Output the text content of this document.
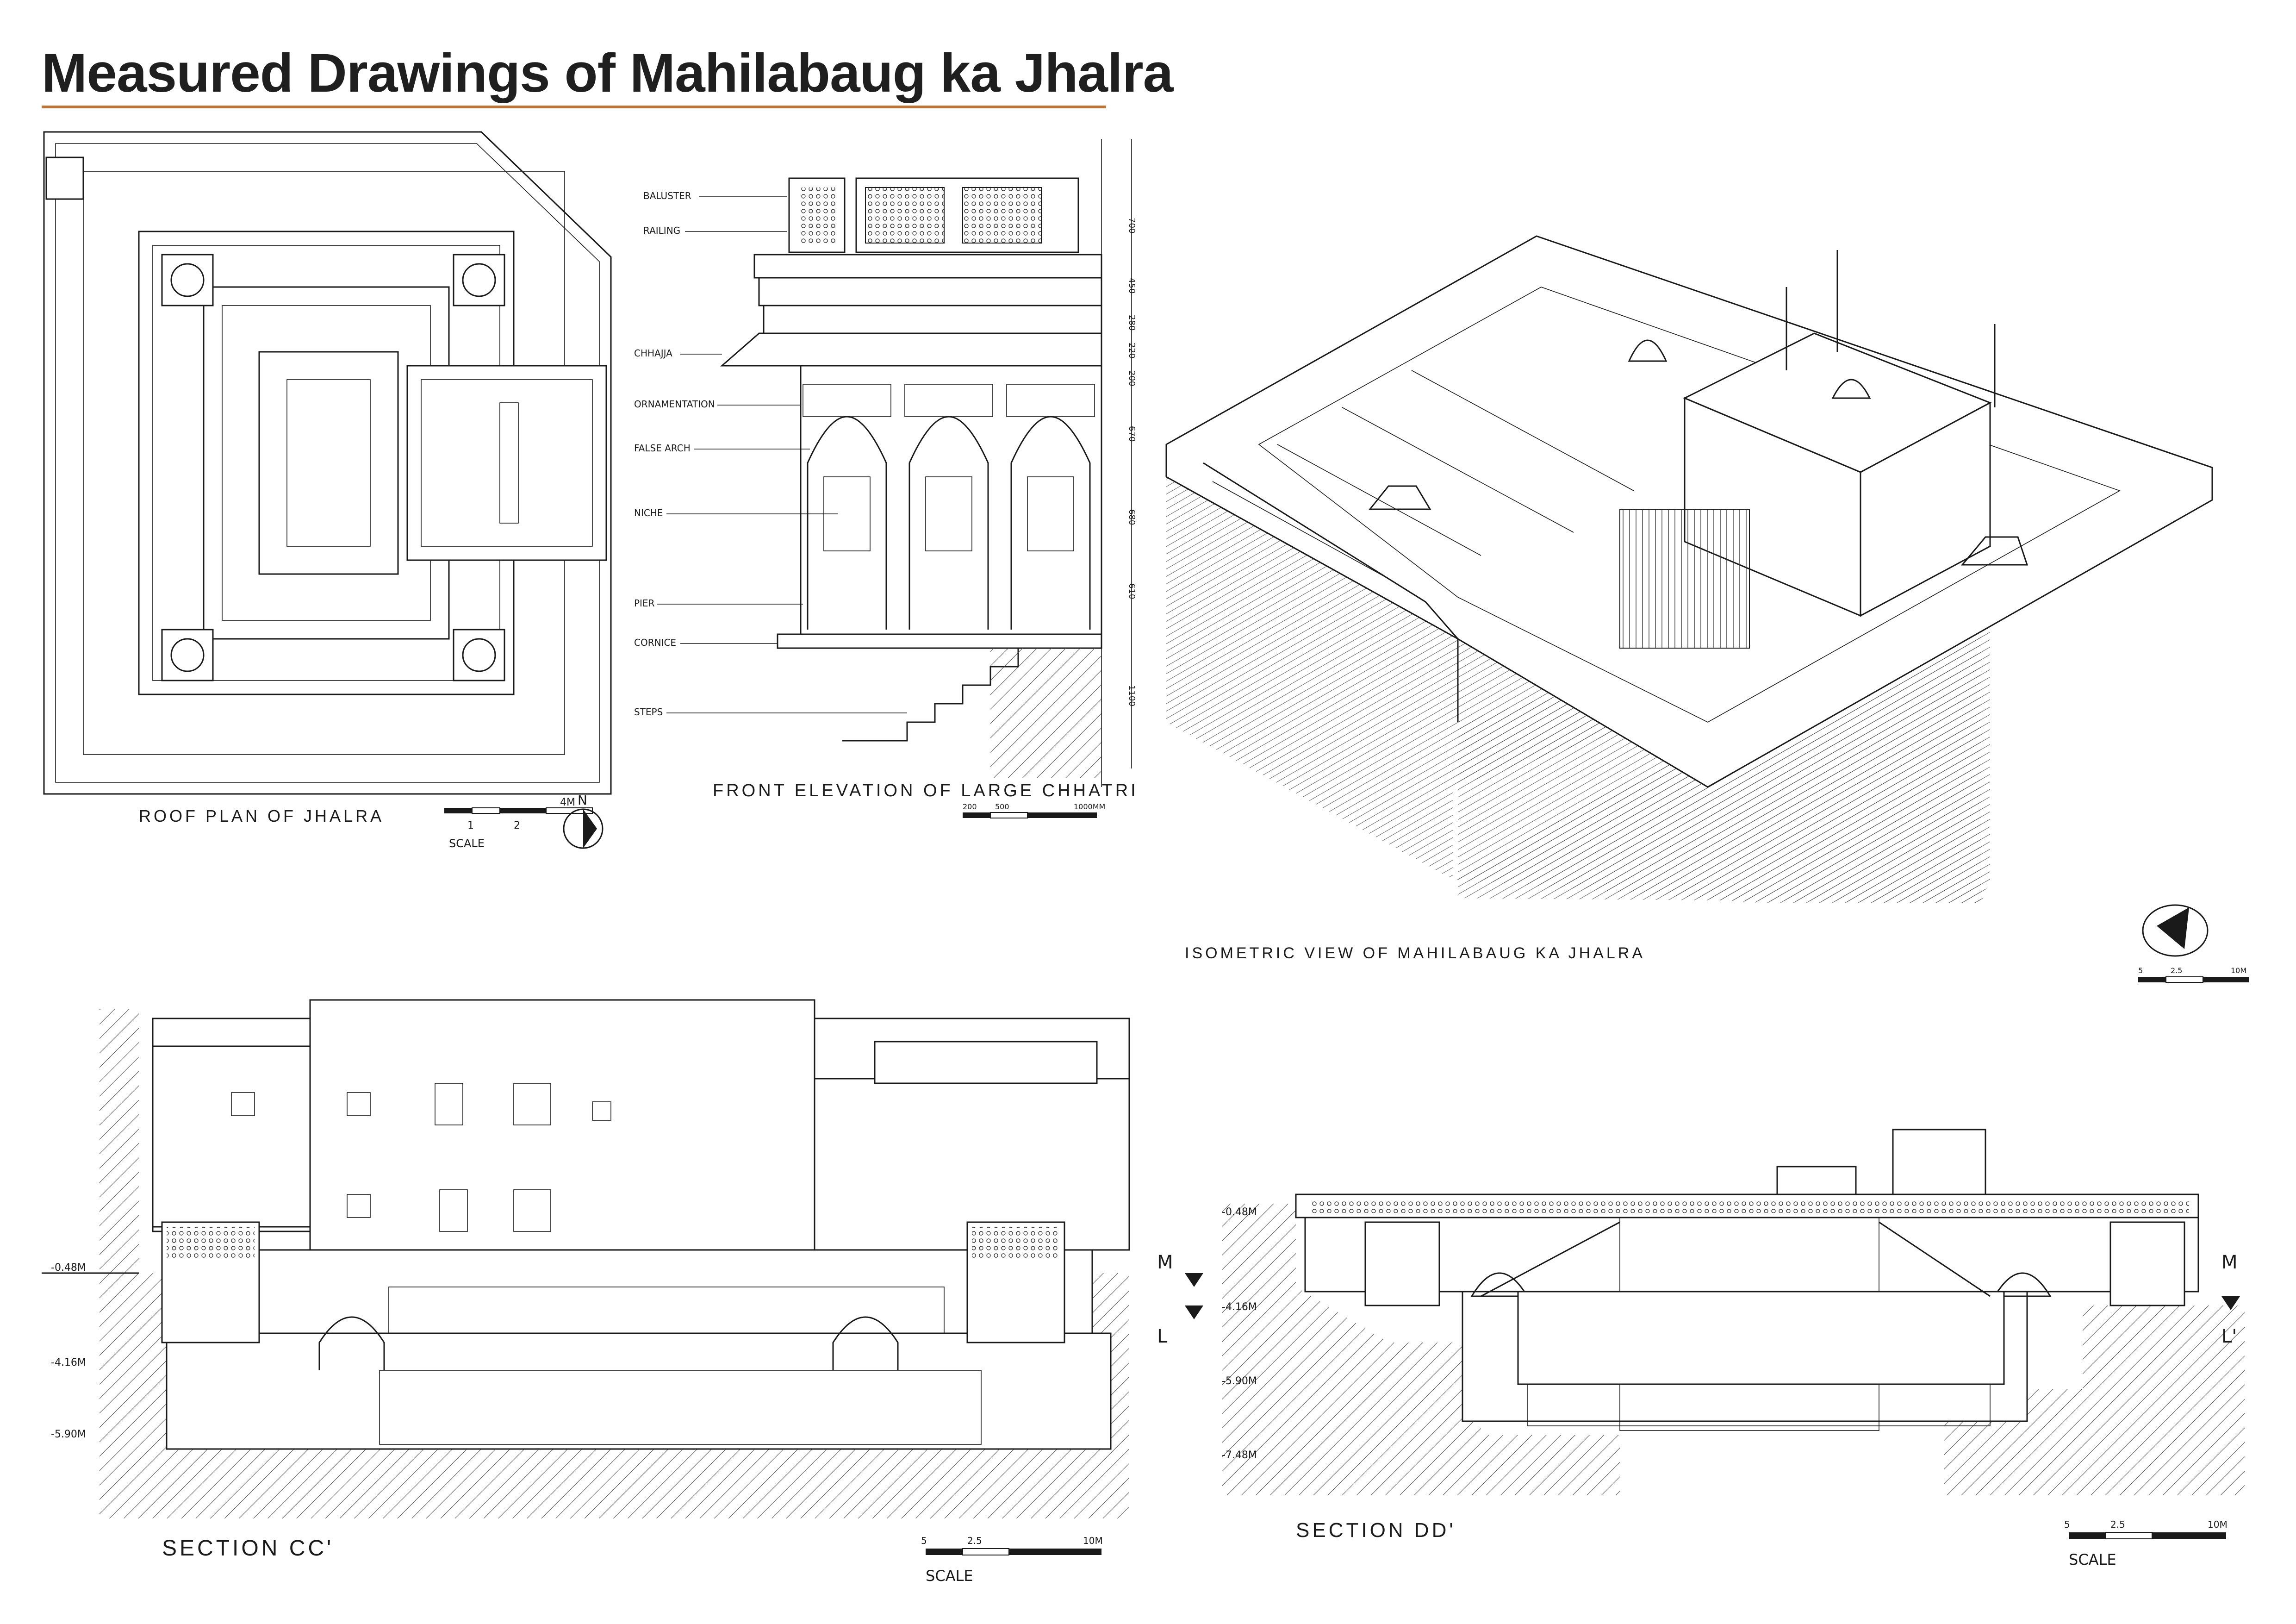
Measured Drawings of Mahilabaug ka Jhalra
ROOF PLAN OF JHALRA
1	2
4M
SCALE
N
BALUSTER
RAILING
CHHAJJA
ORNAMENTATION
FALSE ARCH
NICHE
PIER
CORNICE
STEPS
700
450
280
220
200
670
680
610
1100
FRONT ELEVATION OF LARGE CHHATRI
200 500	1000MM
ISOMETRIC VIEW OF MAHILABAUG KA JHALRA
5	2.5	10M
-0.48M
-4.16M
-5.90M
SECTION CC'	5	2.5	10M
SCALE
-0.48M
-4.16M
-5.90M
-7.48M
M
L
M
L'
SECTION DD'	5	2.5	10M
SCALE
